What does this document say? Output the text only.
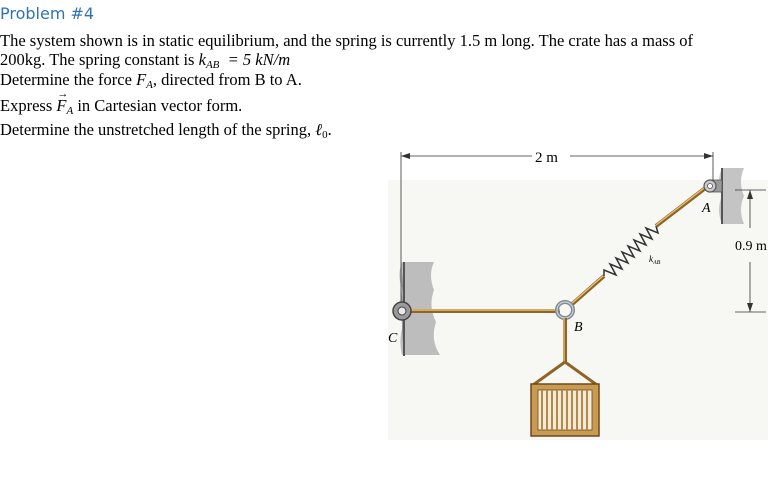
Problem #4
The system shown is in static equilibrium, and the spring is currently 1.5 m long. The crate has a mass of
200kg. The spring constant is $k_{AB} = 5$ kN/m
Determine the force $F_A$, directed from B to A.
Express
→
$F_A$ in Cartesian vector form.
Determine the unstretched length of the spring, ℓ$_0$.
2 m
0.9 m
$k_{AB}$
A
C
B
